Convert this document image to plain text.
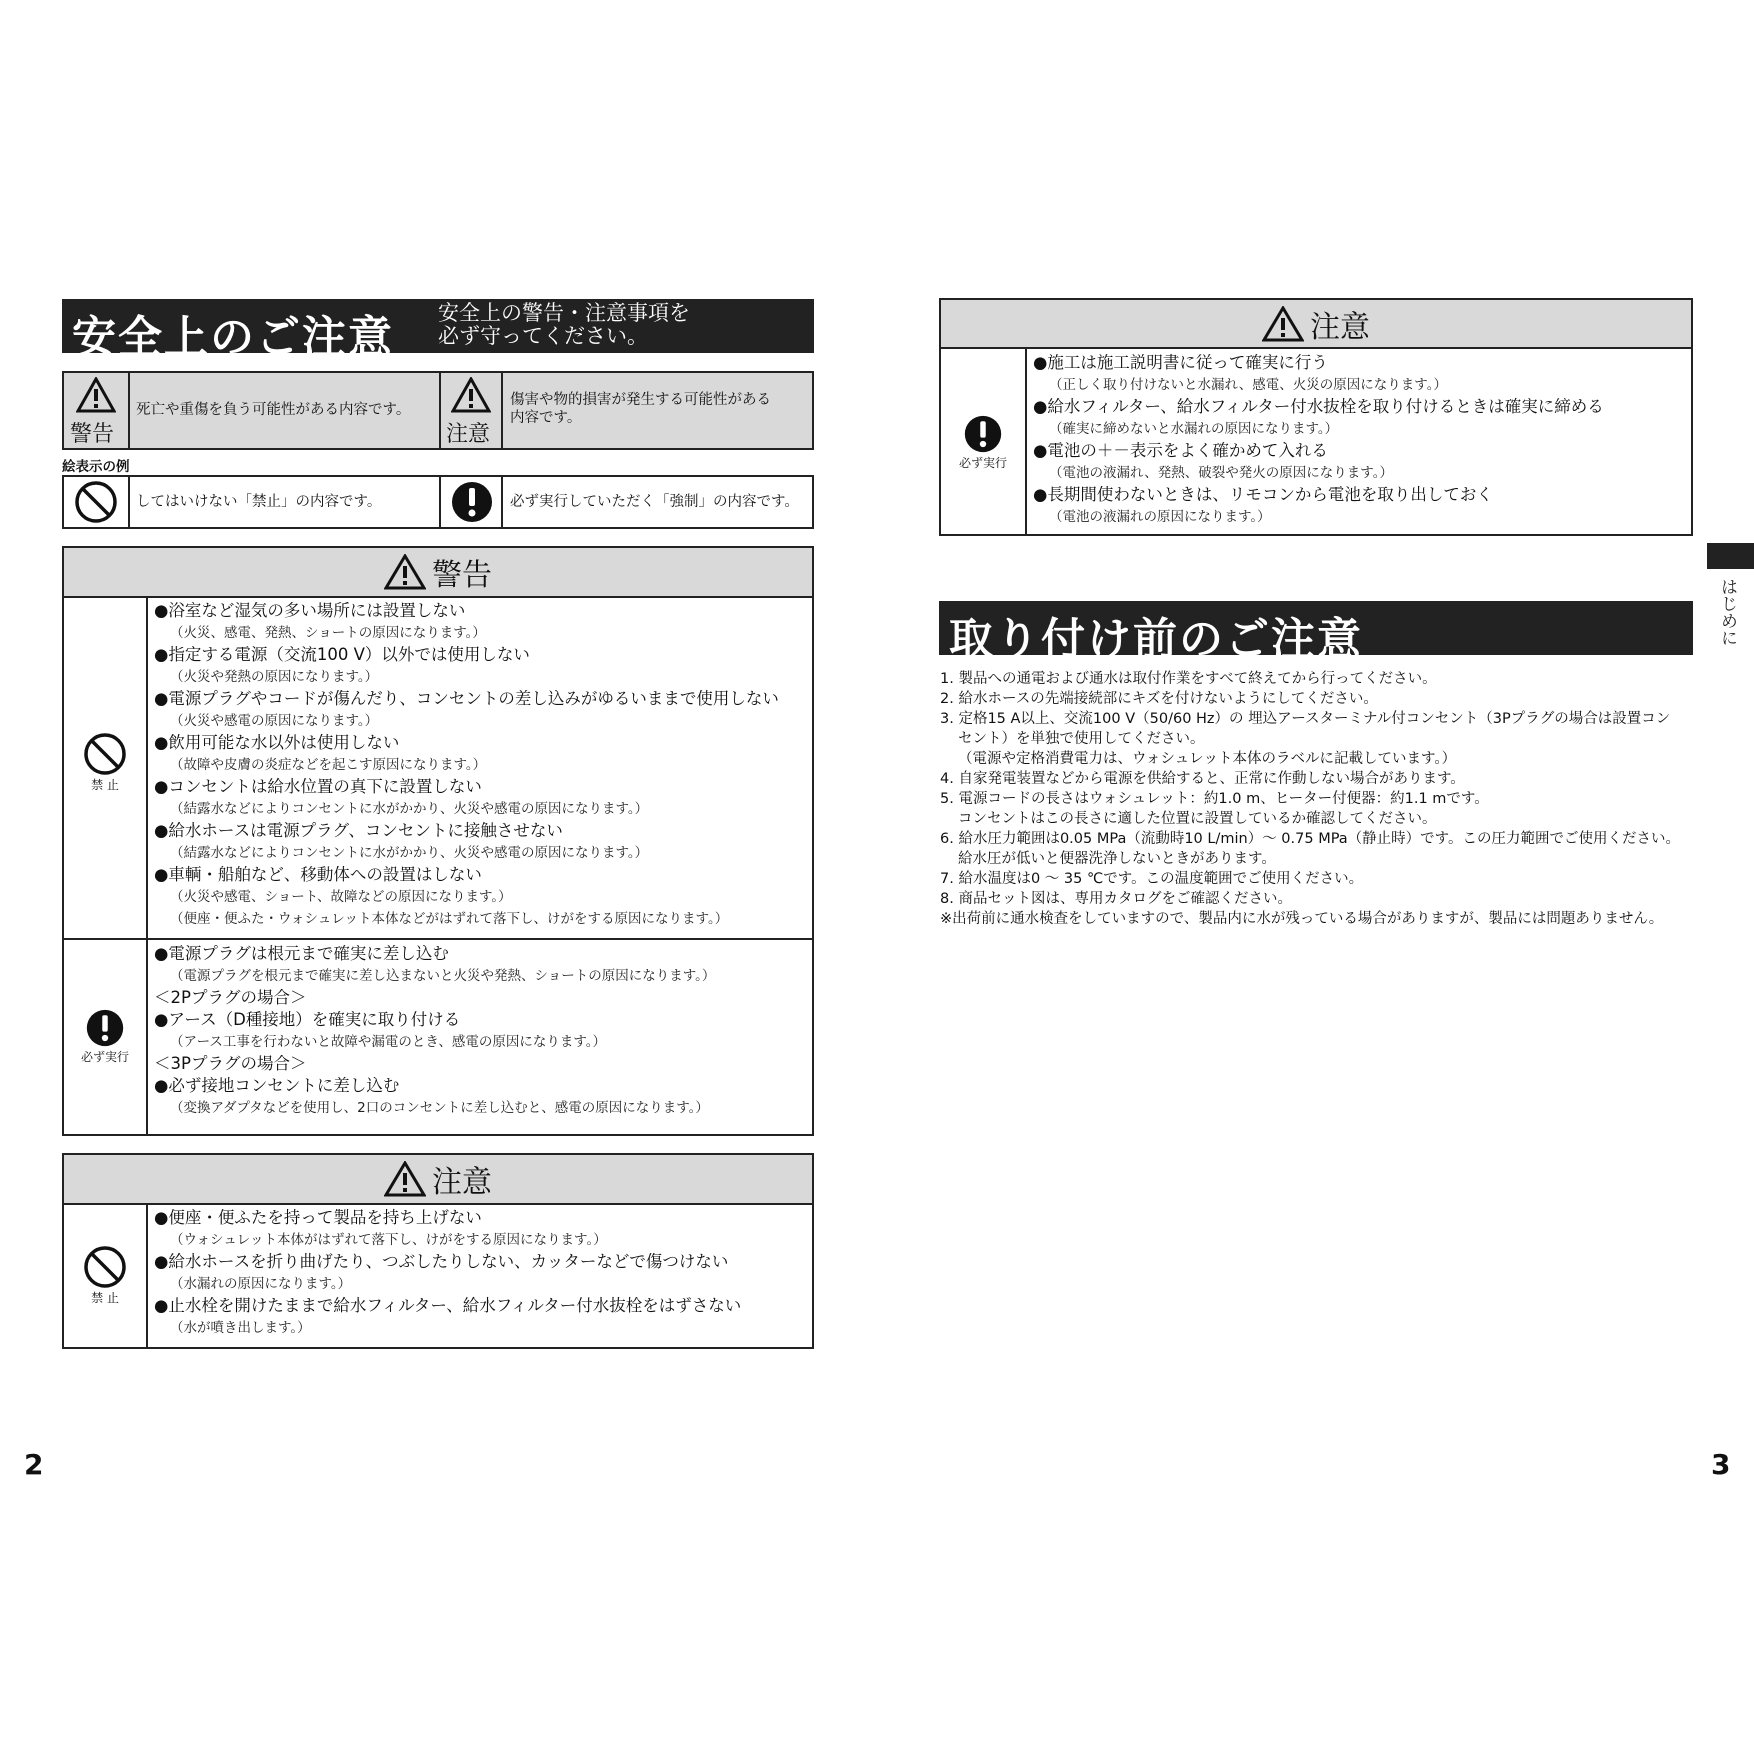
安全上のご注意 安全上の警告・注意事項を
必ず守ってください。
警告
死亡や重傷を負う可能性がある内容です。
注意
傷害や物的損害が発生する可能性がある
内容です。
絵表示の例
してはいけない「禁止」の内容です。	必ず実行していただく「強制」の内容です。
警告
禁 止
●浴室など湿気の多い場所には設置しない
（火災、感電、発熱、ショートの原因になります。）
●指定する電源（交流100 V）以外では使用しない
（火災や発熱の原因になります。）
●電源プラグやコードが傷んだり、コンセントの差し込みがゆるいままで使用しない
（火災や感電の原因になります。）
●飲用可能な水以外は使用しない
（故障や皮膚の炎症などを起こす原因になります。）
●コンセントは給水位置の真下に設置しない
（結露水などによりコンセントに水がかかり、火災や感電の原因になります。）
●給水ホースは電源プラグ、コンセントに接触させない
（結露水などによりコンセントに水がかかり、火災や感電の原因になります。）
●車輌・船舶など、移動体への設置はしない
（火災や感電、ショート、故障などの原因になります。）
（便座・便ふた・ウォシュレット本体などがはずれて落下し、けがをする原因になります。）
必ず実行
●電源プラグは根元まで確実に差し込む
（電源プラグを根元まで確実に差し込まないと火災や発熱、ショートの原因になります。）
＜2Pプラグの場合＞
●アース（D種接地）を確実に取り付ける
（アース工事を行わないと故障や漏電のとき、感電の原因になります。）
＜3Pプラグの場合＞
●必ず接地コンセントに差し込む
（変換アダプタなどを使用し、2口のコンセントに差し込むと、感電の原因になります。）
注意
禁 止
●便座・便ふたを持って製品を持ち上げない
（ウォシュレット本体がはずれて落下し、けがをする原因になります。）
●給水ホースを折り曲げたり、つぶしたりしない、カッターなどで傷つけない
（水漏れの原因になります。）
●止水栓を開けたままで給水フィルター、給水フィルター付水抜栓をはずさない
（水が噴き出します。）
2
注意
必ず実行
●施工は施工説明書に従って確実に行う
（正しく取り付けないと水漏れ、感電、火災の原因になります。）
●給水フィルター、給水フィルター付水抜栓を取り付けるときは確実に締める
（確実に締めないと水漏れの原因になります。）
●電池の＋－表示をよく確かめて入れる
（電池の液漏れ、発熱、破裂や発火の原因になります。）
●長期間使わないときは、リモコンから電池を取り出しておく
（電池の液漏れの原因になります。）
取り付け前のご注意
1. 製品への通電および通水は取付作業をすべて終えてから行ってください。
2. 給水ホースの先端接続部にキズを付けないようにしてください。
3. 定格15 A以上、交流100 V（50/60 Hz）の 埋込アースターミナル付コンセント（3Pプラグの場合は設置コン
セント）を単独で使用してください。
（電源や定格消費電力は、ウォシュレット本体のラベルに記載しています。）
4. 自家発電装置などから電源を供給すると、正常に作動しない場合があります。
5. 電源コードの長さはウォシュレット：約1.0 m、ヒーター付便器：約1.1 mです。
コンセントはこの長さに適した位置に設置しているか確認してください。
6. 給水圧力範囲は0.05 MPa（流動時10 L/min）～ 0.75 MPa（静止時）です。この圧力範囲でご使用ください。
給水圧が低いと便器洗浄しないときがあります。
7. 給水温度は0 ～ 35 ℃です。この温度範囲でご使用ください。
8. 商品セット図は、専用カタログをご確認ください。
※出荷前に通水検査をしていますので、製品内に水が残っている場合がありますが、製品には問題ありません。
はじめに
3
